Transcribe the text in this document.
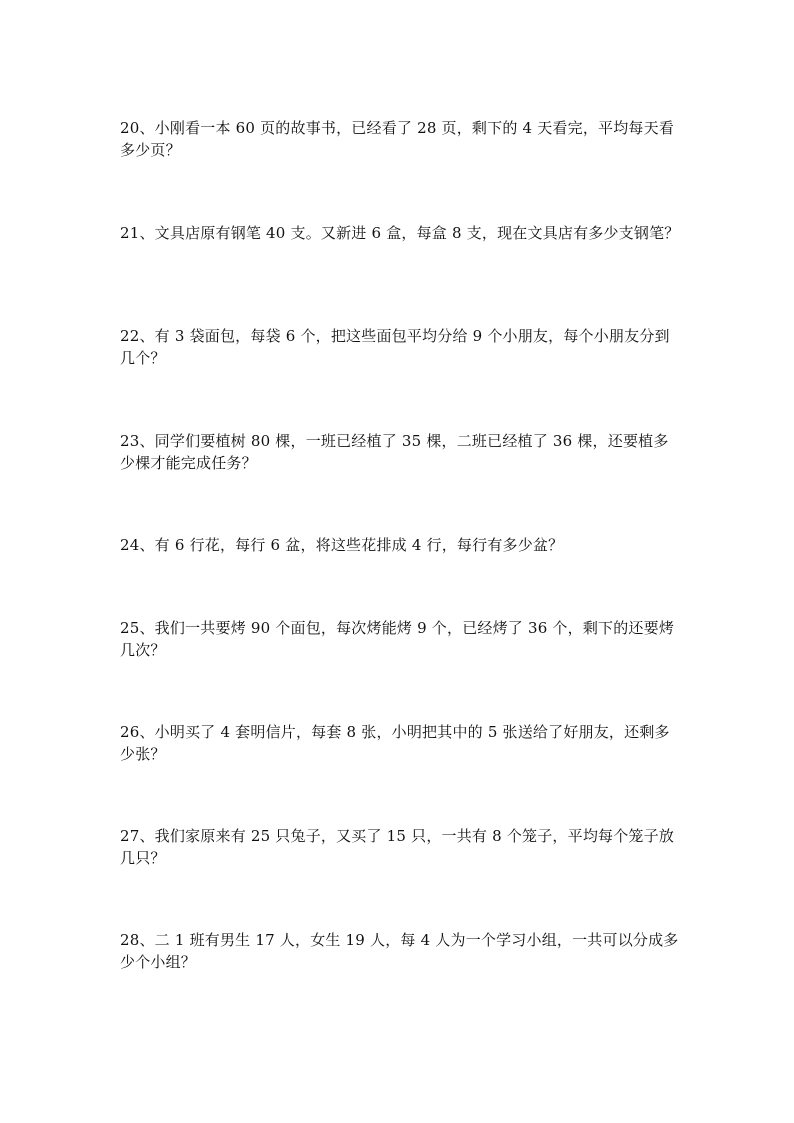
20、小刚看一本 60 页的故事书，已经看了 28 页，剩下的 4 天看完，平均每天看多少页？
21、文具店原有钢笔 40 支。又新进 6 盒，每盒 8 支，现在文具店有多少支钢笔？
22、有 3 袋面包，每袋 6 个，把这些面包平均分给 9 个小朋友，每个小朋友分到几个？
23、同学们要植树 80 棵，一班已经植了 35 棵，二班已经植了 36 棵，还要植多少棵才能完成任务？
24、有 6 行花，每行 6 盆，将这些花排成 4 行，每行有多少盆？
25、我们一共要烤 90 个面包，每次烤能烤 9 个，已经烤了 36 个，剩下的还要烤几次？
26、小明买了 4 套明信片，每套 8 张，小明把其中的 5 张送给了好朋友，还剩多少张？
27、我们家原来有 25 只兔子，又买了 15 只，一共有 8 个笼子，平均每个笼子放几只？
28、二 1 班有男生 17 人，女生 19 人，每 4 人为一个学习小组，一共可以分成多少个小组？
